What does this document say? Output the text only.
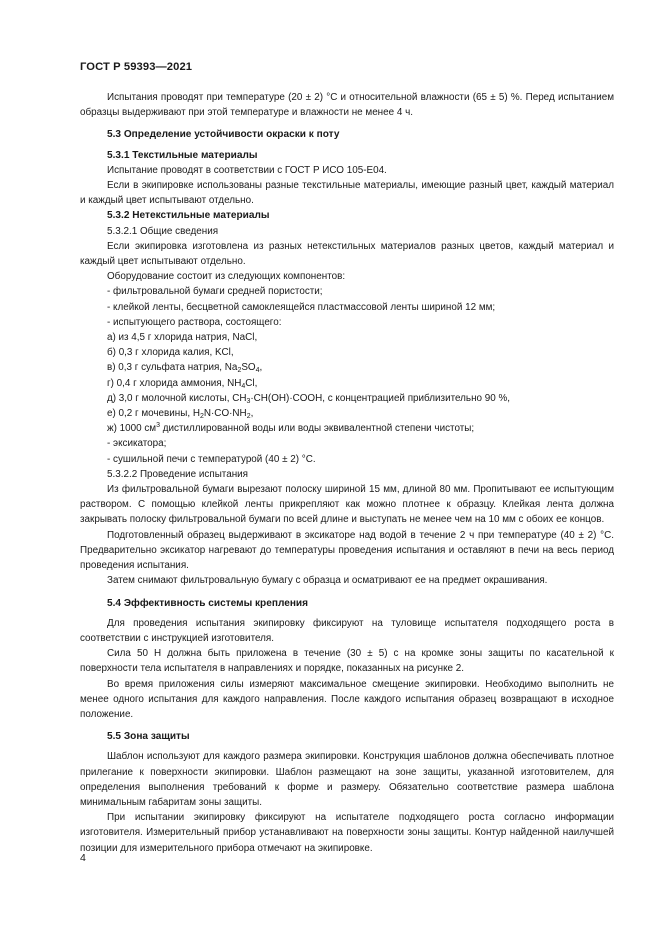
ГОСТ Р 59393—2021

Испытания проводят при температуре (20 ± 2) °С и относительной влажности (65 ± 5) %. Перед испытанием образцы выдерживают при этой температуре и влажности не менее 4 ч.

5.3 Определение устойчивости окраски к поту

5.3.1 Текстильные материалы

Испытание проводят в соответствии с ГОСТ Р ИСО 105-Е04.

Если в экипировке использованы разные текстильные материалы, имеющие разный цвет, каждый материал и каждый цвет испытывают отдельно.

5.3.2 Нетекстильные материалы

5.3.2.1 Общие сведения

Если экипировка изготовлена из разных нетекстильных материалов разных цветов, каждый материал и каждый цвет испытывают отдельно.

Оборудование состоит из следующих компонентов:

- фильтровальной бумаги средней пористости;

- клейкой ленты, бесцветной самоклеящейся пластмассовой ленты шириной 12 мм;

- испытующего раствора, состоящего:

а) из 4,5 г хлорида натрия, NaCl,

б) 0,3 г хлорида калия, KCl,

в) 0,3 г сульфата натрия, $Na_2SO_4$,

г) 0,4 г хлорида аммония, $NH_4Cl$,

д) 3,0 г молочной кислоты, $CH_3\cdot CH(OH)\cdot COOH$, с концентрацией приблизительно 90 %,

е) 0,2 г мочевины, $H_2N\cdot CO\cdot NH_2$,

ж) 1000 $см^3$ дистиллированной воды или воды эквивалентной степени чистоты;

- эксикатора;

- сушильной печи с температурой (40 ± 2) °С.

5.3.2.2 Проведение испытания

Из фильтровальной бумаги вырезают полоску шириной 15 мм, длиной 80 мм. Пропитывают ее испытующим раствором. С помощью клейкой ленты прикрепляют как можно плотнее к образцу. Клейкая лента должна закрывать полоску фильтровальной бумаги по всей длине и выступать не менее чем на 10 мм с обоих ее концов.

Подготовленный образец выдерживают в эксикаторе над водой в течение 2 ч при температуре (40 ± 2) °С. Предварительно эксикатор нагревают до температуры проведения испытания и оставляют в печи на весь период проведения испытания.

Затем снимают фильтровальную бумагу с образца и осматривают ее на предмет окрашивания.

5.4 Эффективность системы крепления

Для проведения испытания экипировку фиксируют на туловище испытателя подходящего роста в соответствии с инструкцией изготовителя.

Сила 50 Н должна быть приложена в течение (30 ± 5) с на кромке зоны защиты по касательной к поверхности тела испытателя в направлениях и порядке, показанных на рисунке 2.

Во время приложения силы измеряют максимальное смещение экипировки. Необходимо выполнить не менее одного испытания для каждого направления. После каждого испытания образец возвращают в исходное положение.

5.5 Зона защиты

Шаблон используют для каждого размера экипировки. Конструкция шаблонов должна обеспечивать плотное прилегание к поверхности экипировки. Шаблон размещают на зоне защиты, указанной изготовителем, для определения выполнения требований к форме и размеру. Обязательно соответствие размера шаблона минимальным габаритам зоны защиты.

При испытании экипировку фиксируют на испытателе подходящего роста согласно информации изготовителя. Измерительный прибор устанавливают на поверхности зоны защиты. Контур найденной наилучшей позиции для измерительного прибора отмечают на экипировке.

4
